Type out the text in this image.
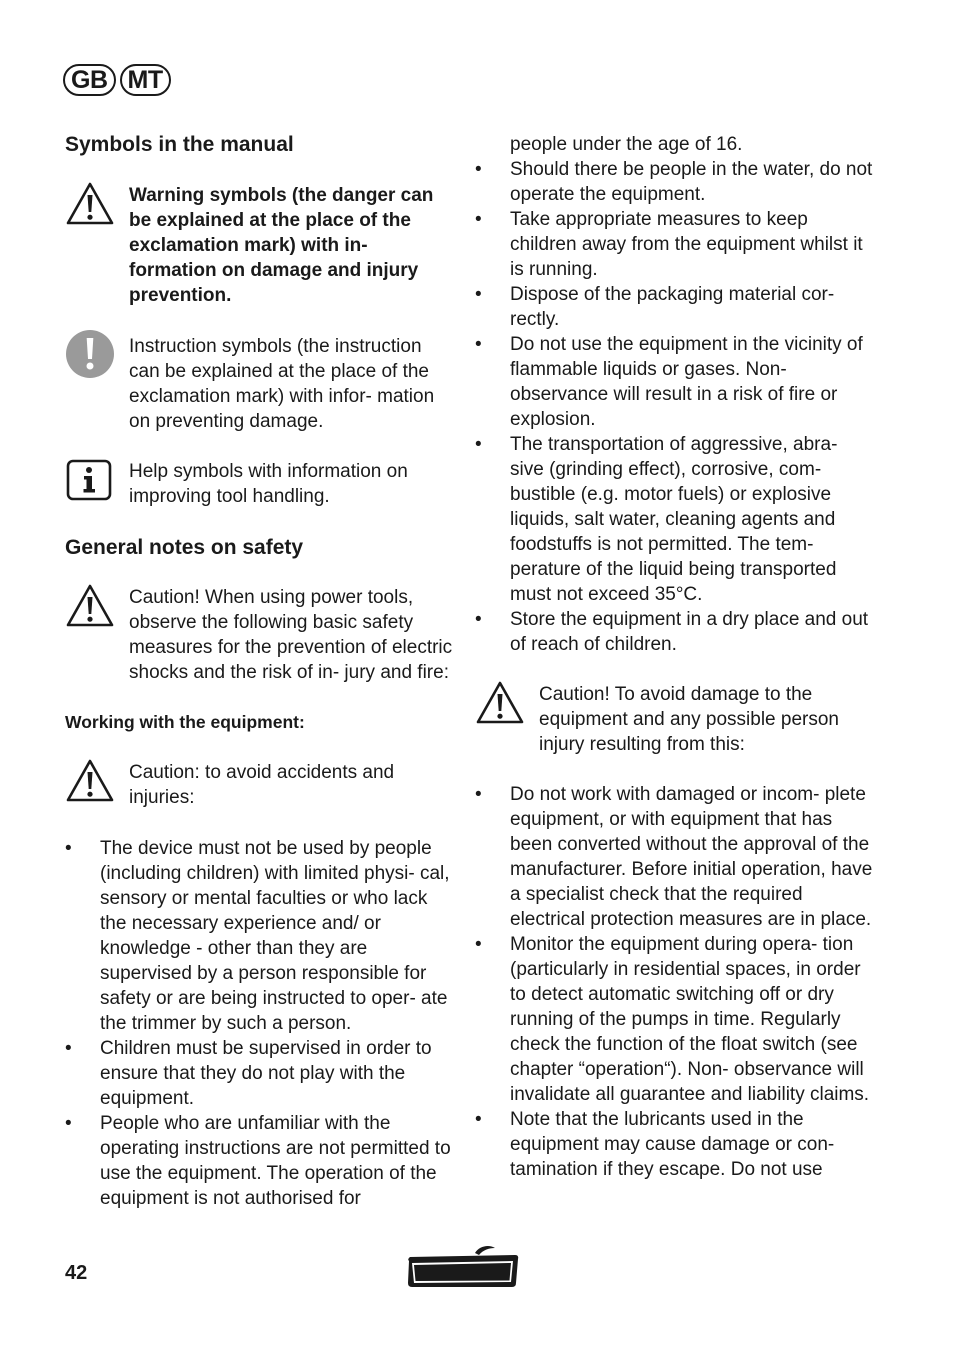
GB MT
Symbols in the manual
Warning symbols (the danger can be explained at the place of the exclamation mark) with in- formation on damage and injury prevention.
Instruction symbols (the instruction can be explained at the place of the exclamation mark) with infor- mation on preventing damage.
Help symbols with information on improving tool handling.
General notes on safety
Caution! When using power tools, observe the following basic safety measures for the prevention of electric shocks and the risk of in- jury and fire:
Working with the equipment:
Caution: to avoid accidents and injuries:
• The device must not be used by people (including children) with limited physi- cal, sensory or mental faculties or who lack the necessary experience and/ or knowledge - other than they are supervised by a person responsible for safety or are being instructed to oper- ate the trimmer by such a person.
• Children must be supervised in order to ensure that they do not play with the equipment.
• People who are unfamiliar with the operating instructions are not permitted to use the equipment. The operation of the equipment is not authorised for

people under the age of 16.

• Should there be people in the water, do not operate the equipment.
• Take appropriate measures to keep children away from the equipment whilst it is running.
• Dispose of the packaging material cor- rectly.
• Do not use the equipment in the vicinity of flammable liquids or gases. Non- observance will result in a risk of fire or explosion.
• The transportation of aggressive, abra- sive (grinding effect), corrosive, com- bustible (e.g. motor fuels) or explosive liquids, salt water, cleaning agents and foodstuffs is not permitted. The tem- perature of the liquid being transported must not exceed 35°C.
• Store the equipment in a dry place and out of reach of children.
Caution! To avoid damage to the equipment and any possible person injury resulting from this:
• Do not work with damaged or incom- plete equipment, or with equipment that has been converted without the approval of the manufacturer. Before initial operation, have a specialist check that the required electrical protection measures are in place.
• Monitor the equipment during opera- tion (particularly in residential spaces, in order to detect automatic switching off or dry running of the pumps in time. Regularly check the function of the float switch (see chapter “operation“). Non- observance will invalidate all guarantee and liability claims.
• Note that the lubricants used in the equipment may cause damage or con- tamination if they escape. Do not use
42
